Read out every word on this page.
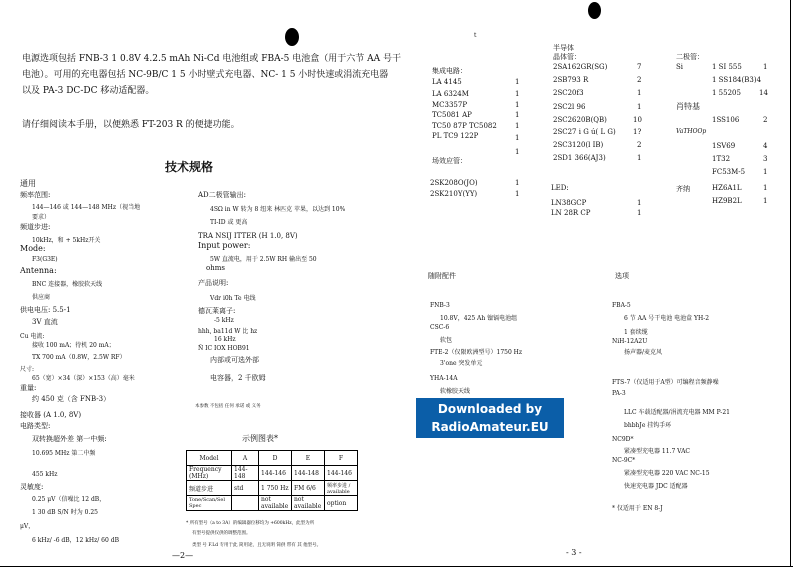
电源选项包括 FNB-3 1 0.8V 4.2.5 mAh Ni-Cd 电池组或 FBA-5 电池盒（用于六节 AA 号干
电池）。可用的充电器包括 NC-9B/C 1 5 小时壁式充电器、NC- 1 5 小时快速或涓流充电器
以及 PA-3 DC-DC 移动适配器。
请仔细阅读本手册，以便熟悉 FT-203 R 的便捷功能。
技术规格
通用
频率范围:
144—146 或 144—148 MHz（视当地
要求）
频道步进:
10kHz，和 + 5kHz开关
Mode:
F3(G3E)
Antenna:
BNC 连接器，橡胶软天线
供应商
供电电压: 5.5-1
3V 直流
Cu 电流:
接收 100 mA；待机 20 mA；
TX 700 mA（0.8W，2.5W RF）
尺寸:
65（宽）×34（深）×153（高）毫米
重量:
约 450 克（含 FNB-3）
接收器 (A 1.0, 8V)
电路类型:
双转换超外差 第一中频:
10.695 MHz 第二中频
455 kHz
灵敏度:
0.25 μV（信噪比 12 dB，
1 30 dB S/N 时为 0.25
μV，
6 kHz/ -6 dB，12 kHz/ 60 dB
AD二极管输出:
4SΩ in W 转为 8 纽来 林匹克 苹果，以达到 10%
TI-ID 或 更高
TRA NSIJ ITTER (H 1.0, 8V)
Input power:
5W 直流电，用于 2.5W RH 输出至 50
ohms
产品说明:
Vdr i0h Te 电线
德瓦莱离子:
-5 kHz
hhh, ba11d W 比 hz
16 kHz
Ñ IC IOX HOB91
内部或可选外部
电容器，2 千欧姆
本参数 不包括 任何 承诺 或 义务
示例图表*
Model	A	D	E	F
Frequency (MHz)	144-148	144-146	144-148	144-146
频道步进	std	1 750 Hz	FM 6/6	频率步进 / available
Tone/Scan/Sel Spec		not available	not available	option
* 所有型号（a to 3A）的编辑器位移均为 +600kHz，此型为所
有型号提供仅供的调整范围。
类型 号 F.Ld 专用于此 简用途，且无说明 简供 带有 其 他型号。
—2—
t
半导体
晶体管：	二极管：
集成电路：
LA 4145	1
LA 6324M	1
MC3357P	1
TC5081 AP	1
TC50 87P TC5082	1
PL TC9 122P	1
1
场效应管：
2SK208O(JO)	1
2SK210Y(YY)	1
2SA162GR(SG)	7
2SB793 R	2
2SC20f3	1
2SC2l 96	1
2SC2620B(QB)	10
2SC27 i G ú( L G) 1?
2SC3120(l IB)	2
2SD1 366(AJ3)	1
LED:
LN38GCP	1
LN 28R CP	1
Si	1 SI 555	1
1 SS184(B3)4
1 55205	14
肖特基
1SS106	2
VaTHOOp
1SV69	4
1T32	3
FC53M-5	1
齐纳	HZ6A1L	1
HZ9B2L	1
随附配件
FNB-3
10.8V，425 Ah 镍镉电池组
CSC-6
软包
FTE-2（仅限欧洲型号）1750 Hz
3'one 突发单元
YHA-14A
软橡胶天线
选项
FBA-5
6 节 AA 号干电池 电池盒 YH-2
1 套续缆
NiH-12A2U
扬声器/麦克风
FTS-7（仅适用于A型）可编程音频静噪
PA-3
LLC 车载适配器/涓流充电器 MM P-21
bhbhJe 挂钩手环
NC9D*
紧凑型充电器 11.7 VAC
NC-9C*
紧凑型充电器 220 VAC NC-15
快速充电器 JDC 适配器
* 仅适用于 EN 8-J
Downloaded by
RadioAmateur.EU
- 3 -
